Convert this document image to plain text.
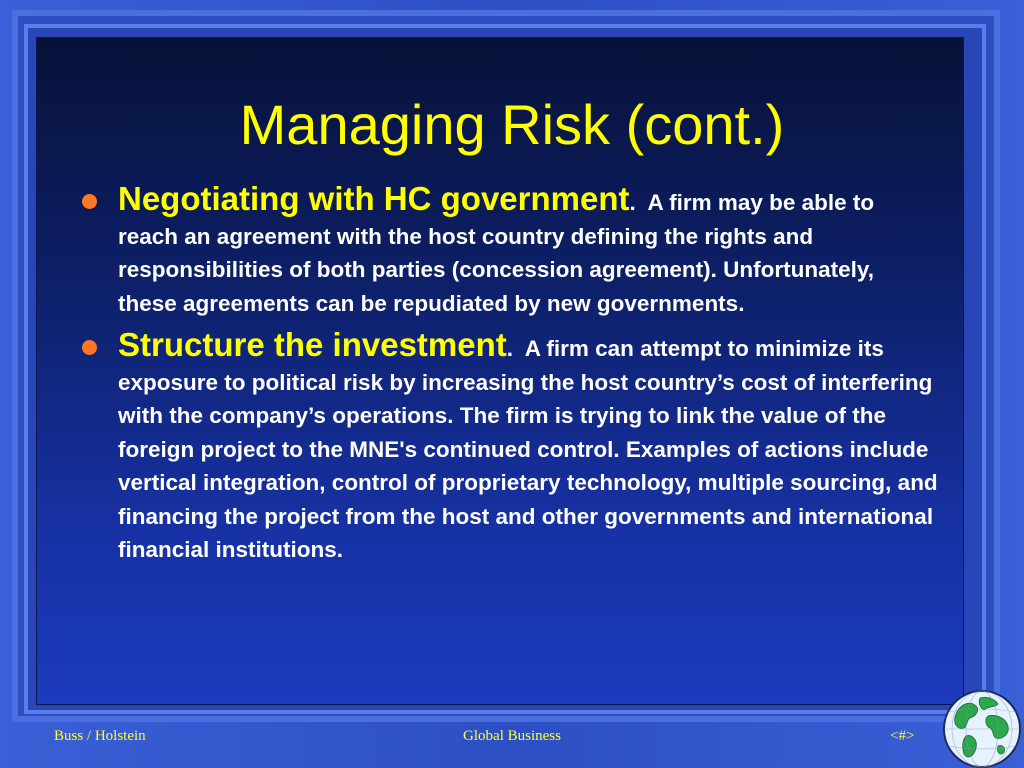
Managing Risk (cont.)
Negotiating with HC government. A firm may be able to reach an agreement with the host country defining the rights and responsibilities of both parties (concession agreement). Unfortunately, these agreements can be repudiated by new governments.
Structure the investment. A firm can attempt to minimize its exposure to political risk by increasing the host country’s cost of interfering with the company’s operations. The firm is trying to link the value of the foreign project to the MNE's continued control. Examples of actions include vertical integration, control of proprietary technology, multiple sourcing, and financing the project from the host and other governments and international financial institutions.
Buss / Holstein	Global Business	<#>
